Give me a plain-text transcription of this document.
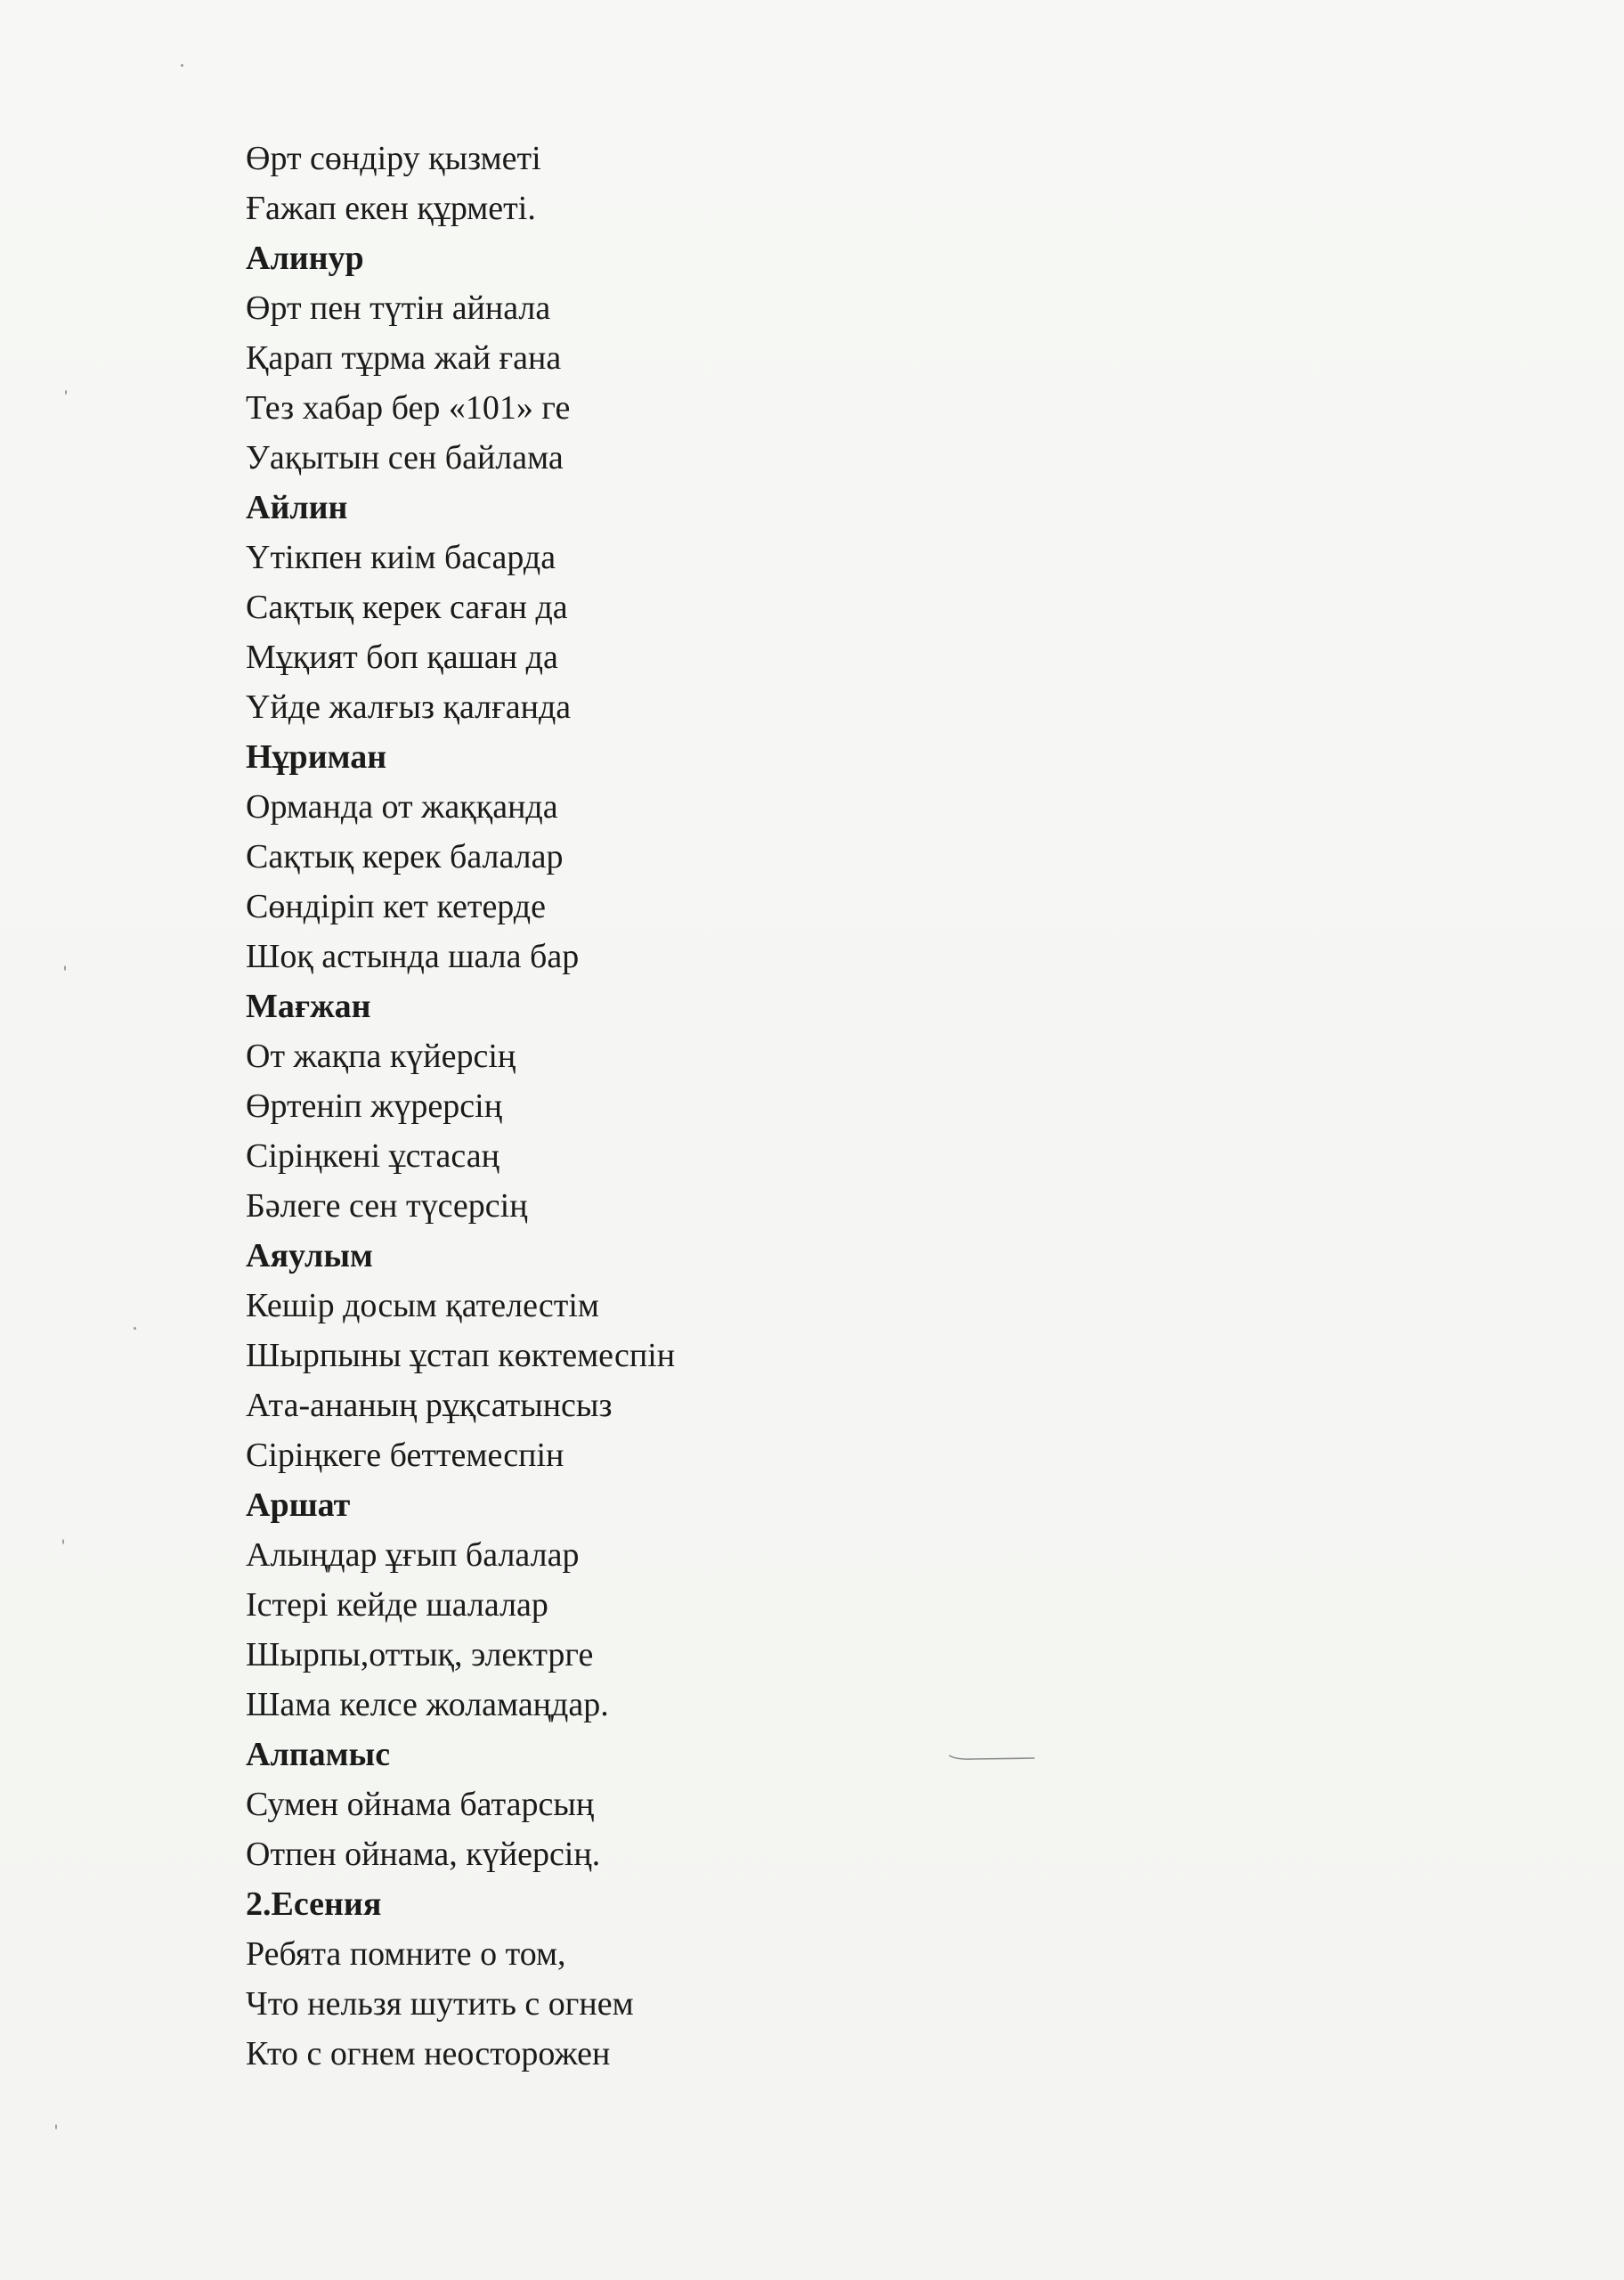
Өрт сөндіру қызметі
Ғажап екен құрметі.
Алинур
Өрт пен түтін айнала
Қарап тұрма жай ғана
Тез хабар бер «101» ге
Уақытын сен байлама
Айлин
Үтікпен киім басарда
Сақтық керек саған да
Мұқият боп қашан да
Үйде жалғыз қалғанда
Нұриман
Орманда от жаққанда
Сақтық керек балалар
Сөндіріп кет кетерде
Шоқ астында шала бар
Мағжан
От жақпа күйерсің
Өртеніп жүрерсің
Сіріңкені ұстасаң
Бәлеге сен түсерсің
Аяулым
Кешір досым қателестім
Шырпыны ұстап көктемеспін
Ата-ананың рұқсатынсыз
Сіріңкеге беттемеспін
Аршат
Алыңдар ұғып балалар
Істері кейде шалалар
Шырпы,оттық, электрге
Шама келсе жоламаңдар.
Алпамыс
Сумен ойнама батарсың
Отпен ойнама, күйерсің.
2.Есения
Ребята помните о том,
Что нельзя шутить с огнем
Кто с огнем неосторожен
